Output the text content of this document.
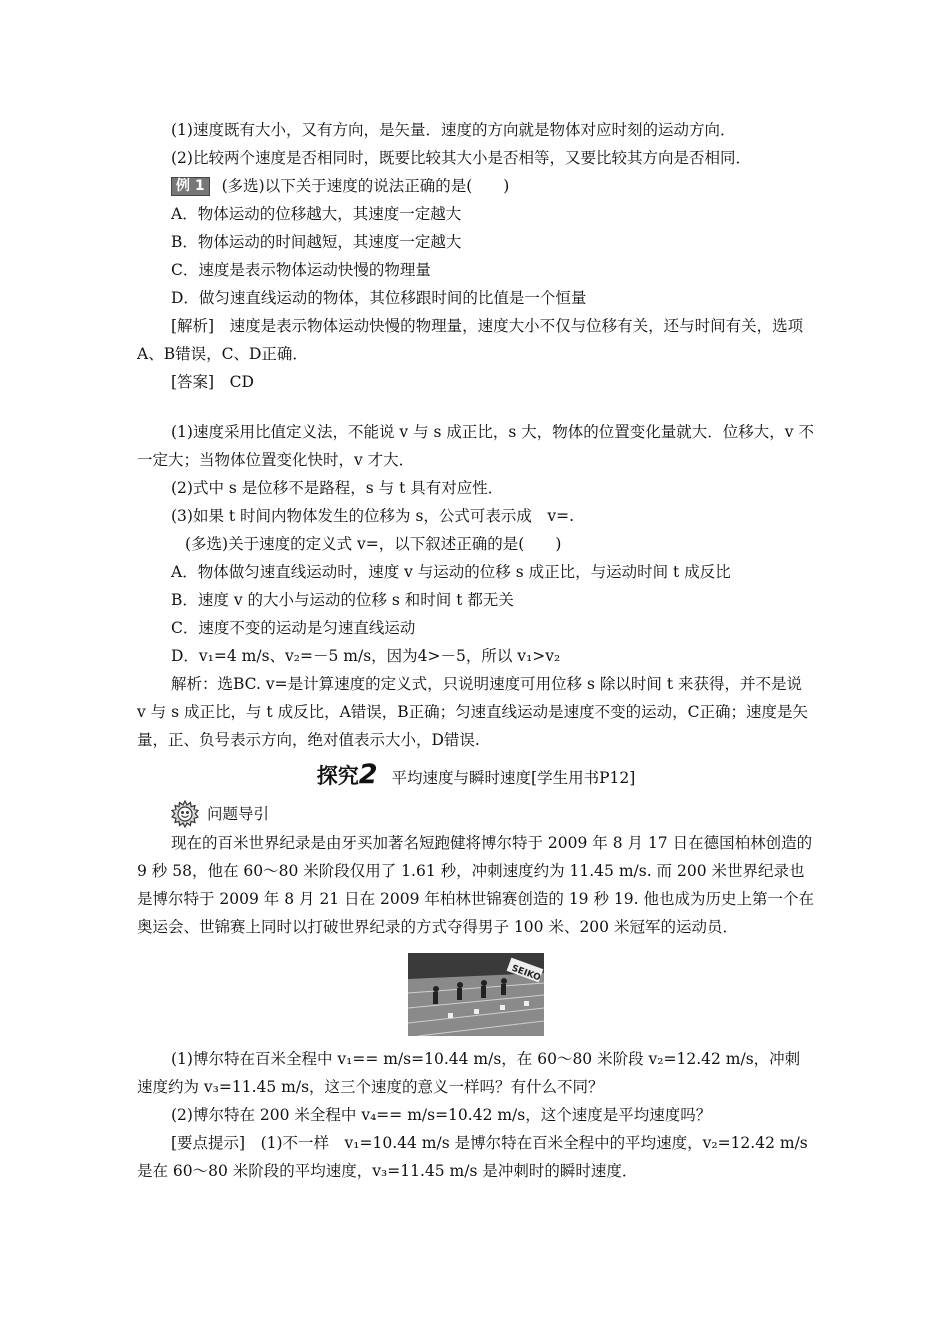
(1)速度既有大小，又有方向，是矢量．速度的方向就是物体对应时刻的运动方向．

(2)比较两个速度是否相同时，既要比较其大小是否相等，又要比较其方向是否相同．

例 1 (多选)以下关于速度的说法正确的是(　　)

A．物体运动的位移越大，其速度一定越大

B．物体运动的时间越短，其速度一定越大

C．速度是表示物体运动快慢的物理量

D．做匀速直线运动的物体，其位移跟时间的比值是一个恒量

[解析]　速度是表示物体运动快慢的物理量，速度大小不仅与位移有关，还与时间有关，选项A、B错误，C、D正确．

[答案]　CD

(1)速度采用比值定义法，不能说 v 与 s 成正比，s 大，物体的位置变化量就大．位移大，v 不一定大；当物体位置变化快时，v 才大．

(2)式中 s 是位移不是路程，s 与 t 具有对应性．

(3)如果 t 时间内物体发生的位移为 s，公式可表示成　v=.

(多选)关于速度的定义式 v=，以下叙述正确的是(　　)

A．物体做匀速直线运动时，速度 v 与运动的位移 s 成正比，与运动时间 t 成反比

B．速度 v 的大小与运动的位移 s 和时间 t 都无关

C．速度不变的运动是匀速直线运动

D．v₁=4 m/s、v₂=－5 m/s，因为4>－5，所以 v₁>v₂

解析：选BC. v=是计算速度的定义式，只说明速度可用位移 s 除以时间 t 来获得，并不是说 v 与 s 成正比，与 t 成反比，A错误，B正确；匀速直线运动是速度不变的运动，C正确；速度是矢量，正、负号表示方向，绝对值表示大小，D错误.

探究2 平均速度与瞬时速度[学生用书P12]
问题导引

现在的百米世界纪录是由牙买加著名短跑健将博尔特于 2009 年 8 月 17 日在德国柏林创造的 9 秒 58，他在 60～80 米阶段仅用了 1.61 秒，冲刺速度约为 11.45 m/s. 而 200 米世界纪录也是博尔特于 2009 年 8 月 21 日在 2009 年柏林世锦赛创造的 19 秒 19. 他也成为历史上第一个在奥运会、世锦赛上同时以打破世界纪录的方式夺得男子 100 米、200 米冠军的运动员．

SEIKO

(1)博尔特在百米全程中 v₁== m/s=10.44 m/s，在 60～80 米阶段 v₂=12.42 m/s，冲刺速度约为 v₃=11.45 m/s，这三个速度的意义一样吗？有什么不同？

(2)博尔特在 200 米全程中 v₄== m/s=10.42 m/s，这个速度是平均速度吗？

[要点提示]　(1)不一样　v₁=10.44 m/s 是博尔特在百米全程中的平均速度，v₂=12.42 m/s 是在 60～80 米阶段的平均速度，v₃=11.45 m/s 是冲刺时的瞬时速度．
